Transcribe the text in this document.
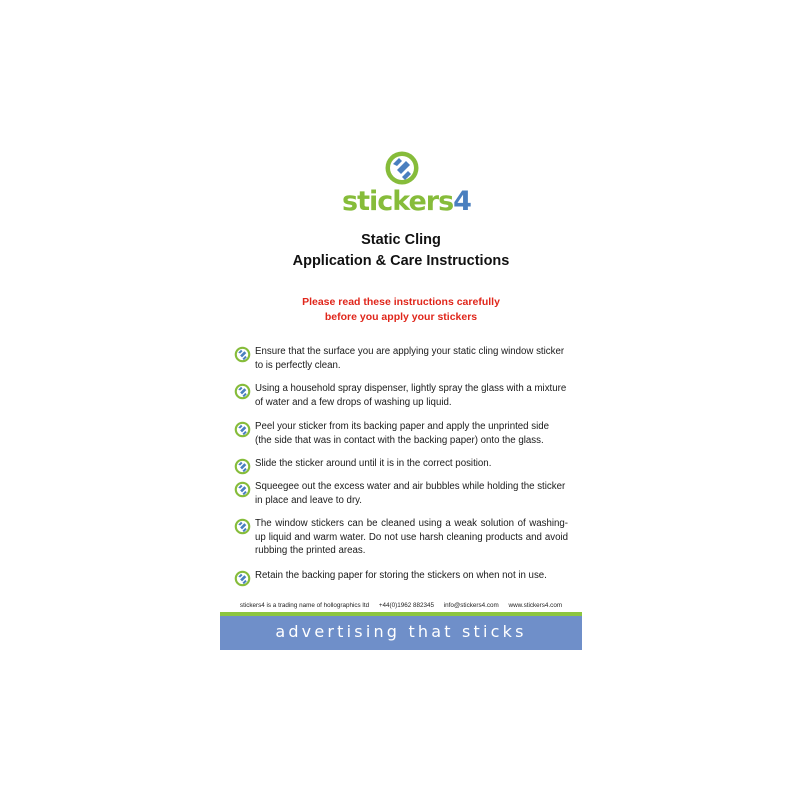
stickers4
Static Cling
Application & Care Instructions
Please read these instructions carefully
before you apply your stickers
Ensure that the surface you are applying your static cling window sticker to is perfectly clean.
Using a household spray dispenser, lightly spray the glass with a mixture of water and a few drops of washing up liquid.
Peel your sticker from its backing paper and apply the unprinted side (the side that was in contact with the backing paper) onto the glass.
Slide the sticker around until it is in the correct position.
Squeegee out the excess water and air bubbles while holding the sticker in place and leave to dry.
The window stickers can be cleaned using a weak solution of washing-up liquid and warm water. Do not use harsh cleaning products and avoid rubbing the printed areas.
Retain the backing paper for storing the stickers on when not in use.
stickers4 is a trading name of hollographics ltd +44(0)1962 882345 info@stickers4.com www.stickers4.com
advertising that sticks
